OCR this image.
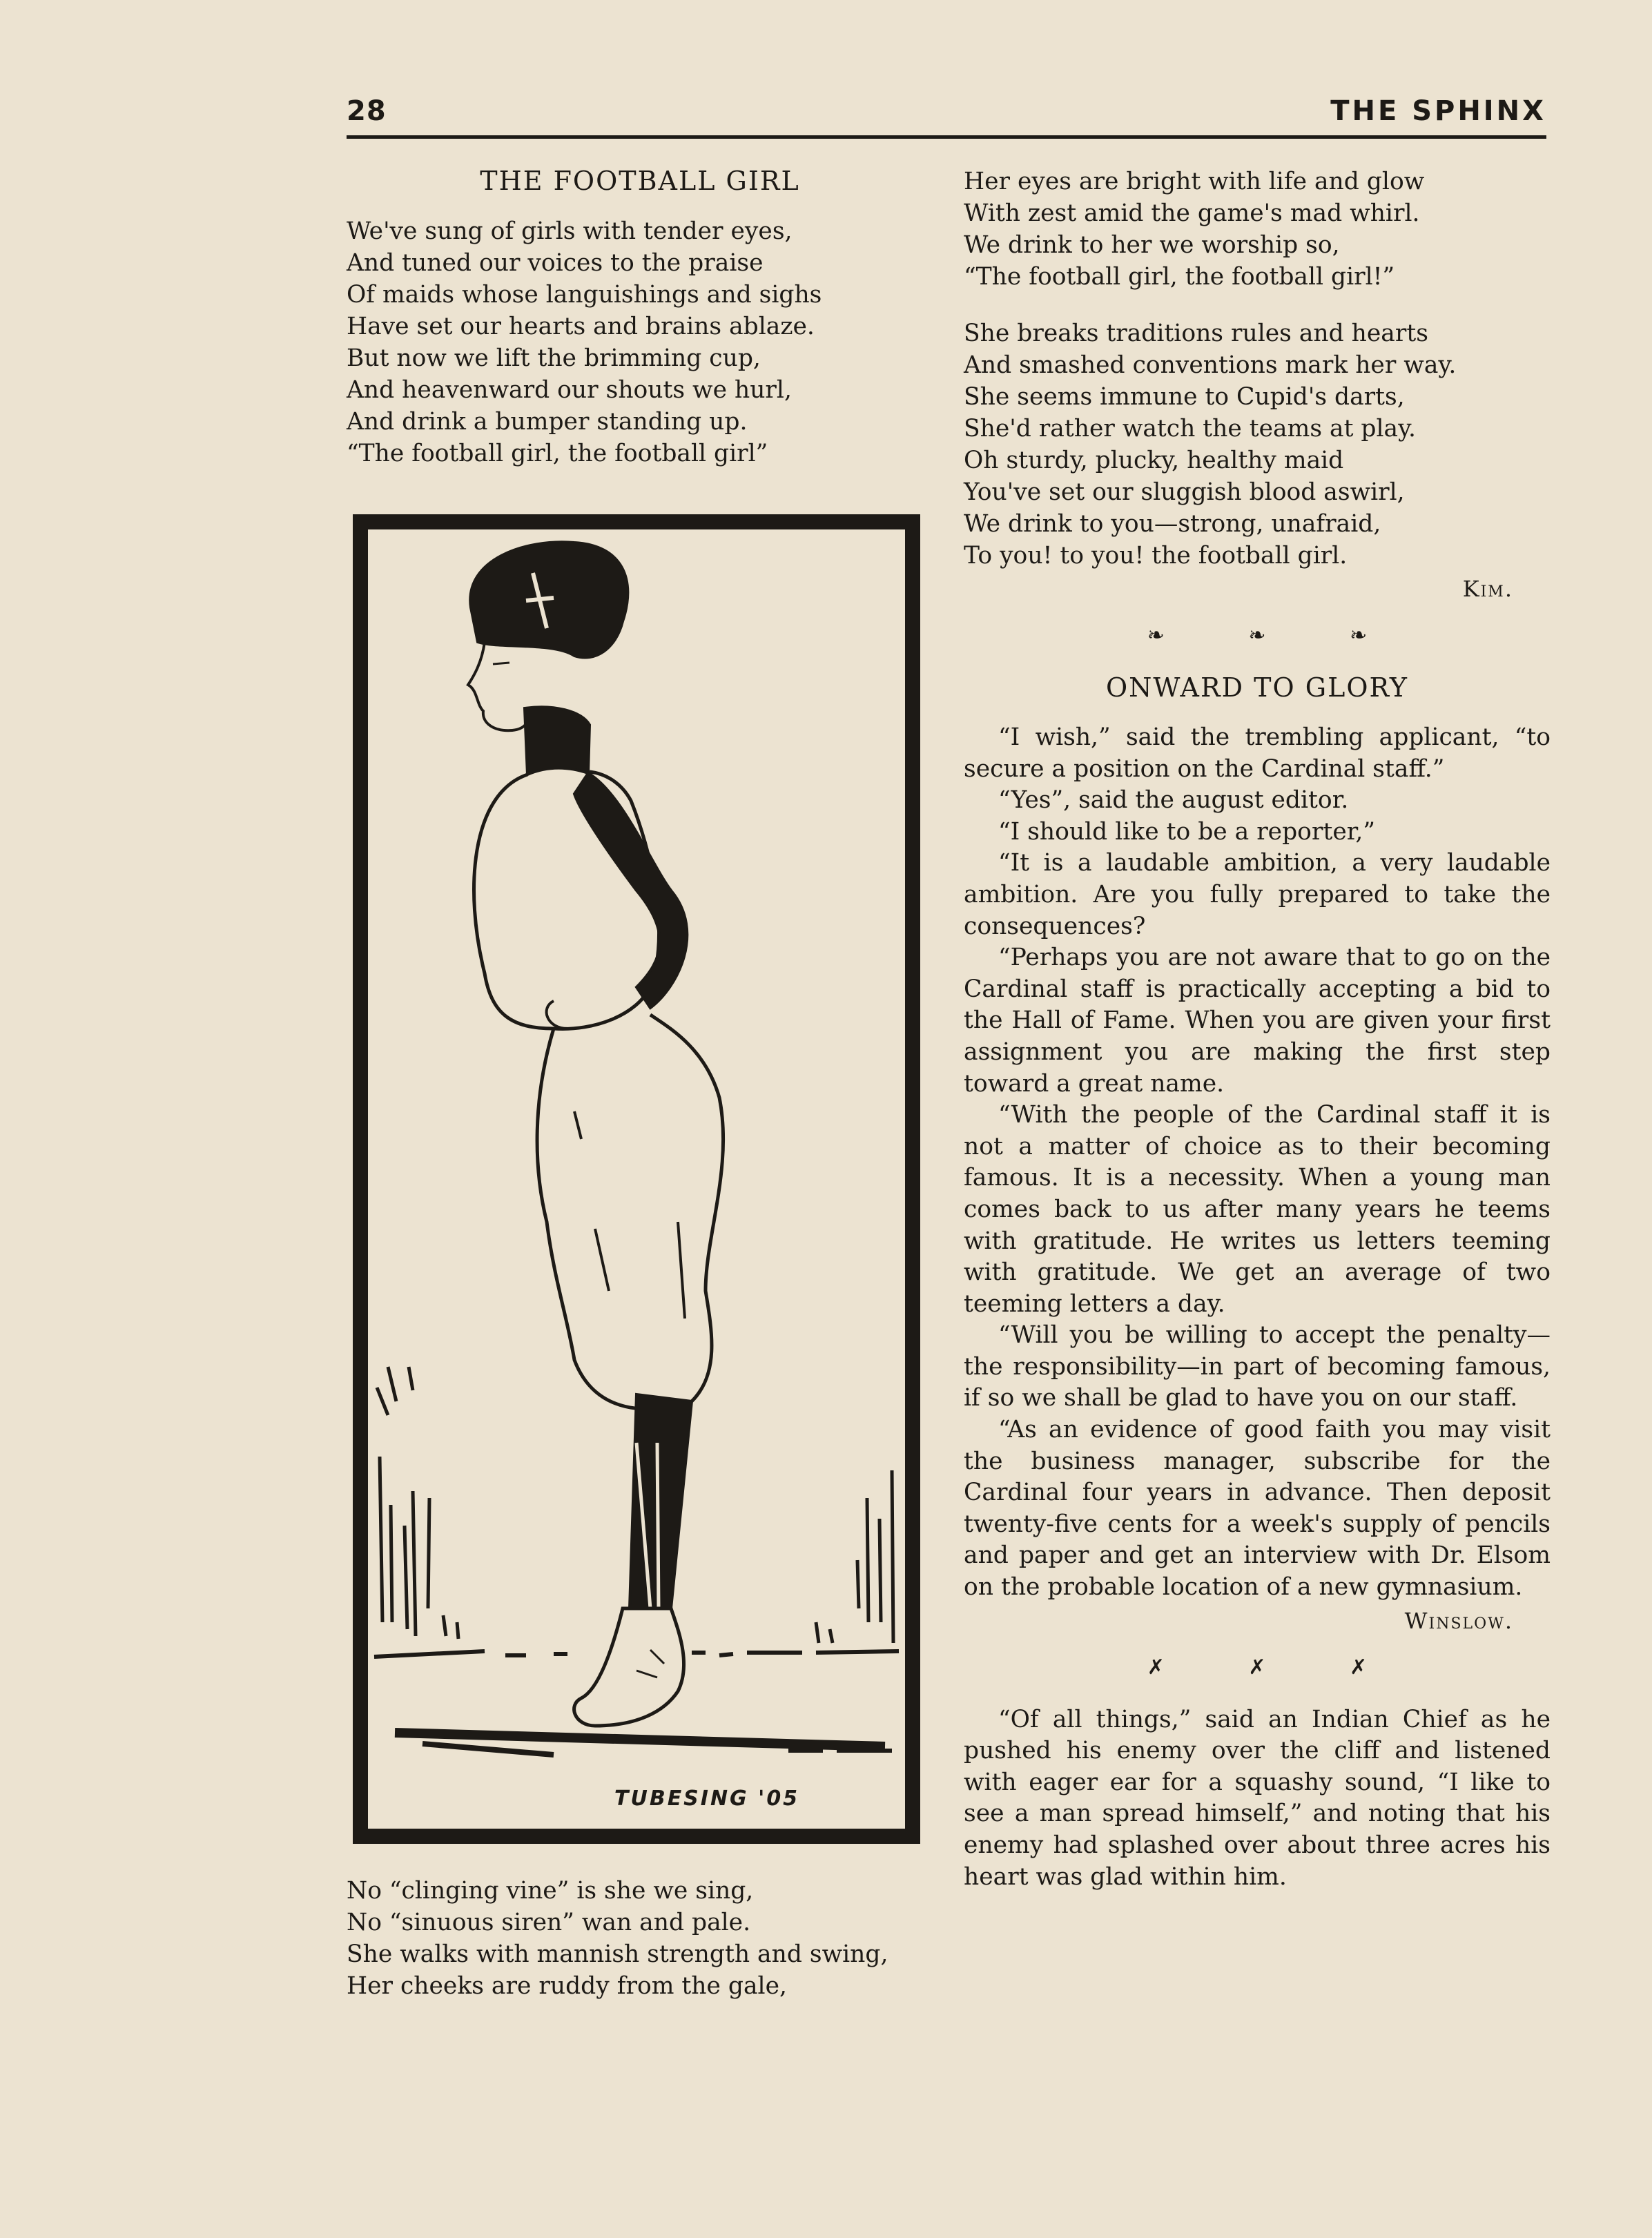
28	THE SPHINX
THE FOOTBALL GIRL
We've sung of girls with tender eyes,
And tuned our voices to the praise
Of maids whose languishings and sighs
Have set our hearts and brains ablaze.
But now we lift the brimming cup,
And heavenward our shouts we hurl,
And drink a bumper standing up.
“The football girl, the football girl”
TUBESING '05
No “clinging vine” is she we sing,
No “sinuous siren” wan and pale.
She walks with mannish strength and swing,
Her cheeks are ruddy from the gale,
Her eyes are bright with life and glow
With zest amid the game's mad whirl.
We drink to her we worship so,
“The football girl, the football girl!”
She breaks traditions rules and hearts
And smashed conventions mark her way.
She seems immune to Cupid's darts,
She'd rather watch the teams at play.
Oh sturdy, plucky, healthy maid
You've set our sluggish blood aswirl,
We drink to you—strong, unafraid,
To you! to you! the football girl.
Kim.
❧ ❧ ❧
ONWARD TO GLORY

“I wish,” said the trembling applicant, “to secure a position on the Cardinal staff.”

“Yes”, said the august editor.

“I should like to be a reporter,”

“It is a laudable ambition, a very laudable ambition. Are you fully prepared to take the consequences?

“Perhaps you are not aware that to go on the Cardinal staff is practically accepting a bid to the Hall of Fame. When you are given your first assignment you are making the first step toward a great name.

“With the people of the Cardinal staff it is not a matter of choice as to their becoming famous. It is a necessity. When a young man comes back to us after many years he teems with gratitude. He writes us letters teeming with gratitude. We get an average of two teeming letters a day.

“Will you be willing to accept the penalty—the responsibility—in part of becoming famous, if so we shall be glad to have you on our staff.

“As an evidence of good faith you may visit the business manager, subscribe for the Cardinal four years in advance. Then deposit twenty-five cents for a week's supply of pencils and paper and get an interview with Dr. Elsom on the probable location of a new gymnasium.

Winslow.
✗ ✗ ✗

“Of all things,” said an Indian Chief as he pushed his enemy over the cliff and listened with eager ear for a squashy sound, “I like to see a man spread himself,” and noting that his enemy had splashed over about three acres his heart was glad within him.
